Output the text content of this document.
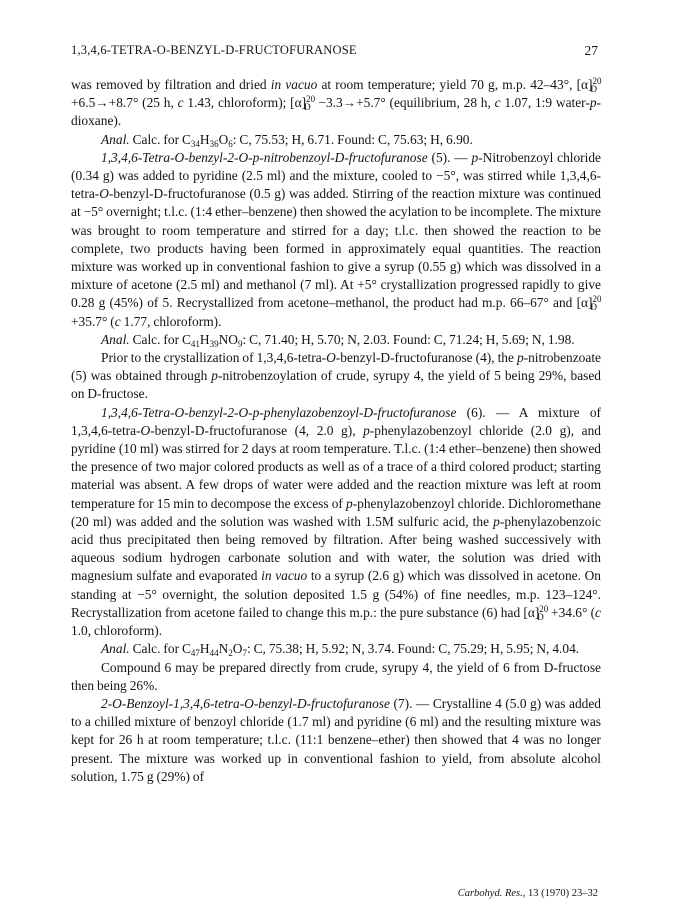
1,3,4,6-TETRA-O-BENZYL-D-FRUCTOFURANOSE	27

was removed by filtration and dried in vacuo at room temperature; yield 70 g, m.p. 42–43°, $[\alpha]^{20}_D +6.5\to+8.7^\circ$ (25 h, c 1.43, chloroform); $[\alpha]^{20}_D -3.3\to+5.7^\circ$ (equilibrium, 28 h, c 1.07, 1:9 water-p-dioxane).

Anal. Calc. for $C_{34}H_{36}O_6$: C, 75.53; H, 6.71. Found: C, 75.63; H, 6.90.

1,3,4,6-Tetra-O-benzyl-2-O-p-nitrobenzoyl-D-fructofuranose (5). — p-Nitrobenzoyl chloride (0.34 g) was added to pyridine (2.5 ml) and the mixture, cooled to −5°, was stirred while 1,3,4,6-tetra-O-benzyl-D-fructofuranose (0.5 g) was added. Stirring of the reaction mixture was continued at −5° overnight; t.l.c. (1:4 ether–benzene) then showed the acylation to be incomplete. The mixture was brought to room temperature and stirred for a day; t.l.c. then showed the reaction to be complete, two products having been formed in approximately equal quantities. The reaction mixture was worked up in conventional fashion to give a syrup (0.55 g) which was dissolved in a mixture of acetone (2.5 ml) and methanol (7 ml). At +5° crystallization progressed rapidly to give 0.28 g (45%) of 5. Recrystallized from acetone–methanol, the product had m.p. 66–67° and $[\alpha]^{20}_D +35.7^\circ$ (c 1.77, chloroform).

Anal. Calc. for $C_{41}H_{39}NO_9$: C, 71.40; H, 5.70; N, 2.03. Found: C, 71.24; H, 5.69; N, 1.98.

Prior to the crystallization of 1,3,4,6-tetra-O-benzyl-D-fructofuranose (4), the p-nitrobenzoate (5) was obtained through p-nitrobenzoylation of crude, syrupy 4, the yield of 5 being 29%, based on D-fructose.

1,3,4,6-Tetra-O-benzyl-2-O-p-phenylazobenzoyl-D-fructofuranose (6). — A mixture of 1,3,4,6-tetra-O-benzyl-D-fructofuranose (4, 2.0 g), p-phenylazobenzoyl chloride (2.0 g), and pyridine (10 ml) was stirred for 2 days at room temperature. T.l.c. (1:4 ether–benzene) then showed the presence of two major colored products as well as of a trace of a third colored product; starting material was absent. A few drops of water were added and the reaction mixture was left at room temperature for 15 min to decompose the excess of p-phenylazobenzoyl chloride. Dichloromethane (20 ml) was added and the solution was washed with 1.5M sulfuric acid, the p-phenylazobenzoic acid thus precipitated then being removed by filtration. After being washed successively with aqueous sodium hydrogen carbonate solution and with water, the solution was dried with magnesium sulfate and evaporated in vacuo to a syrup (2.6 g) which was dissolved in acetone. On standing at −5° overnight, the solution deposited 1.5 g (54%) of fine needles, m.p. 123–124°. Recrystallization from acetone failed to change this m.p.: the pure substance (6) had $[\alpha]^{20}_D +34.6^\circ$ (c 1.0, chloroform).

Anal. Calc. for $C_{47}H_{44}N_2O_7$: C, 75.38; H, 5.92; N, 3.74. Found: C, 75.29; H, 5.95; N, 4.04.

Compound 6 may be prepared directly from crude, syrupy 4, the yield of 6 from D-fructose then being 26%.

2-O-Benzoyl-1,3,4,6-tetra-O-benzyl-D-fructofuranose (7). — Crystalline 4 (5.0 g) was added to a chilled mixture of benzoyl chloride (1.7 ml) and pyridine (6 ml) and the resulting mixture was kept for 26 h at room temperature; t.l.c. (11:1 benzene–ether) then showed that 4 was no longer present. The mixture was worked up in conventional fashion to yield, from absolute alcohol solution, 1.75 g (29%) of

Carbohyd. Res., 13 (1970) 23–32
